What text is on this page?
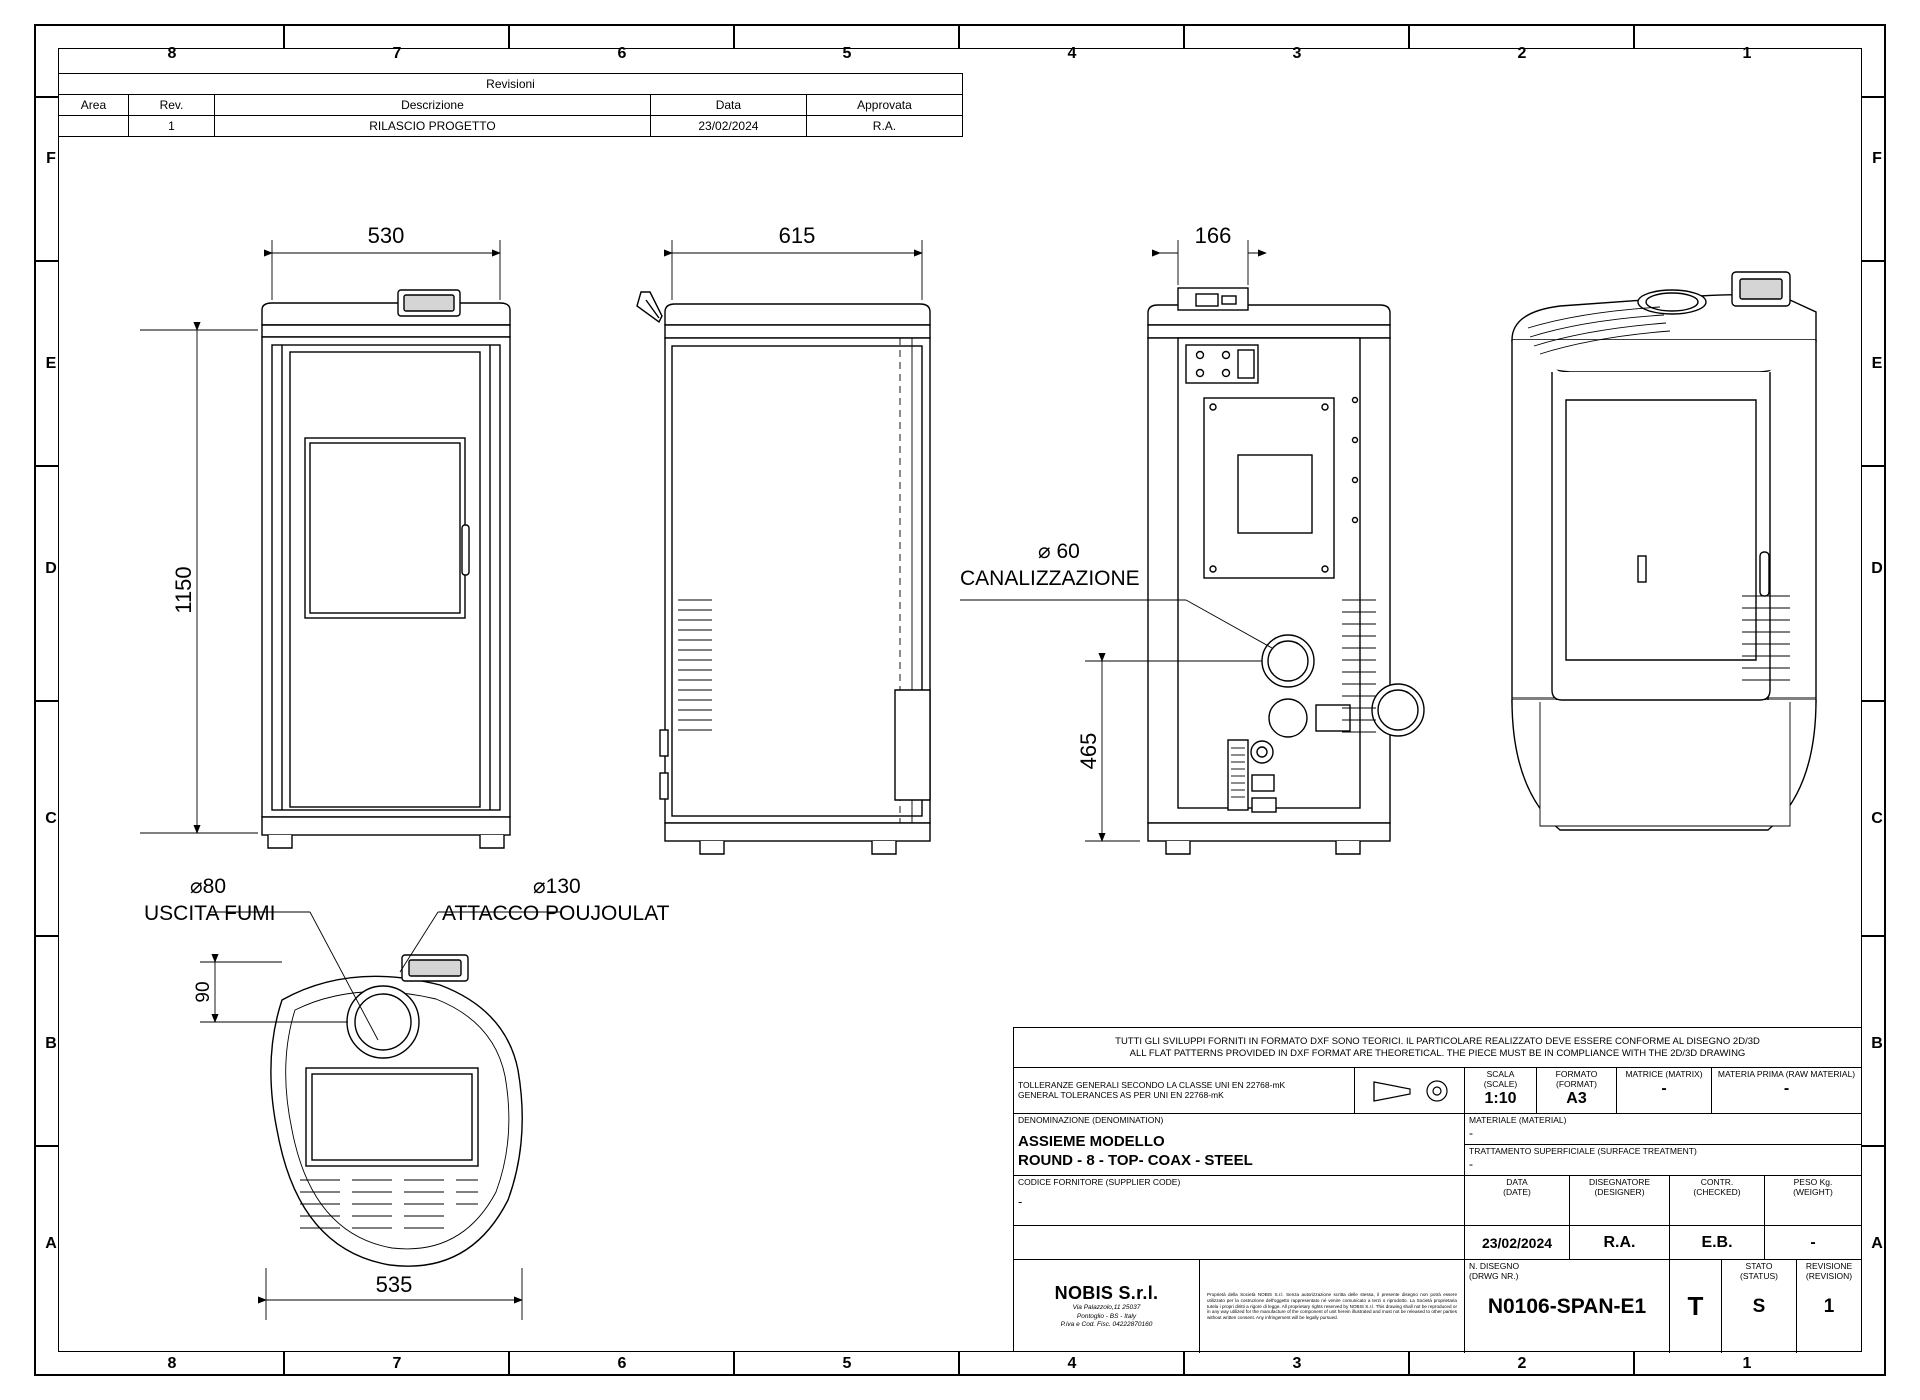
8	7	6	5	4	3	2	1
8	7	6	5	4	3	2	1
F
E
D
C
B
A
F
E
D
C
B
A
Revisioni				
Area	Rev.	Descrizione	Data	Approvata
	1	RILASCIO PROGETTO	23/02/2024	R.A.
530
1150
615	166
465
90
535
⌀ 60
CANALIZZAZIONE
⌀80
USCITA FUMI
⌀130
ATTACCO POUJOULAT
TUTTI GLI SVILUPPI FORNITI IN FORMATO DXF SONO TEORICI. IL PARTICOLARE REALIZZATO DEVE ESSERE CONFORME AL DISEGNO 2D/3D
ALL FLAT PATTERNS PROVIDED IN DXF FORMAT ARE THEORETICAL. THE PIECE MUST BE IN COMPLIANCE WITH THE 2D/3D DRAWING
TOLLERANZE GENERALI SECONDO LA CLASSE UNI EN 22768-mK
GENERAL TOLERANCES AS PER UNI EN 22768-mK
SCALA (SCALE)
1:10
FORMATO (FORMAT)
A3
MATRICE (MATRIX)
-
MATERIA PRIMA (RAW MATERIAL)
-
DENOMINAZIONE (DENOMINATION)
ASSIEME MODELLO
ROUND - 8 - TOP- COAX - STEEL
MATERIALE (MATERIAL)
-
TRATTAMENTO SUPERFICIALE (SURFACE TREATMENT)
-
CODICE FORNITORE (SUPPLIER CODE)
-
DATA
(DATE)
DISEGNATORE
(DESIGNER)
CONTR.
(CHECKED)
PESO Kg.
(WEIGHT)
23/02/2024	R.A.	E.B.	-
NOBIS S.r.l.
Via Palazzolo,11 25037
Pontoglio - BS - Italy
P.iva e Cod. Fisc. 04222870160
Proprietà della Società NOBIS S.r.l. Senza autorizzazione scritta delle stessa, il presente disegno non potrà essere utilizzato per la costruzione dell'oggetto rappresentato né venire comunicato a terzi o riprodotto. La Società proprietaria tutela i propri diritti a rigore di legge. All proprietary rights reserved by NOBIS S.r.l. This drawing shall not be reproduced or in any way utilized for the manufacture of the component of unit herein illustrated and must not be released to other parties without written consent. Any infringement will be legally pursued.
N. DISEGNO
(DRWG NR.)
N0106-SPAN-E1 T
STATO
(STATUS)
S
REVISIONE
(REVISION)
1
